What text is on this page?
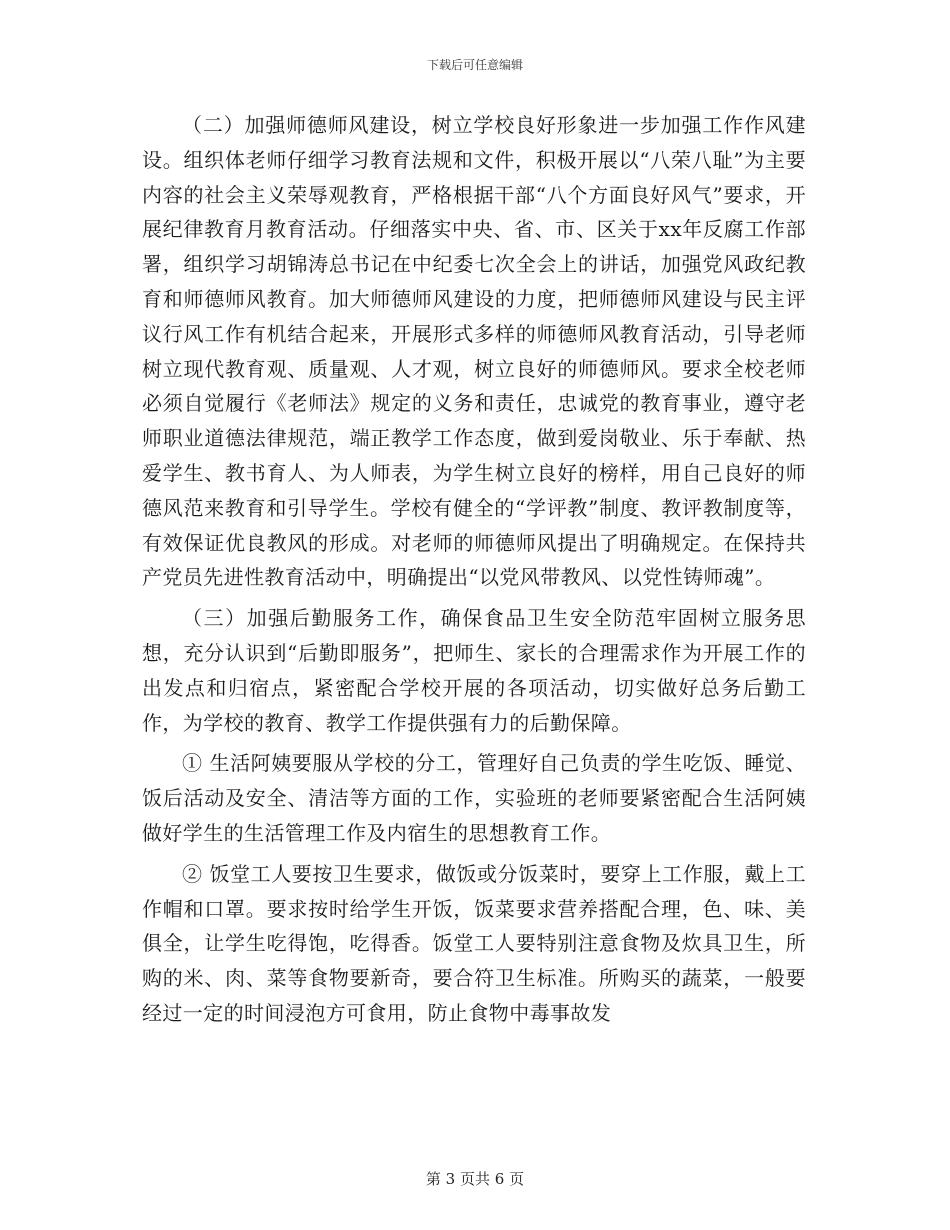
下载后可任意编辑

（二）加强师德师风建设，树立学校良好形象进一步加强工作作风建设。组织体老师仔细学习教育法规和文件，积极开展以“八荣八耻”为主要内容的社会主义荣辱观教育，严格根据干部“八个方面良好风气”要求，开展纪律教育月教育活动。仔细落实中央、省、市、区关于xx年反腐工作部署，组织学习胡锦涛总书记在中纪委七次全会上的讲话，加强党风政纪教育和师德师风教育。加大师德师风建设的力度，把师德师风建设与民主评议行风工作有机结合起来，开展形式多样的师德师风教育活动，引导老师树立现代教育观、质量观、人才观，树立良好的师德师风。要求全校老师必须自觉履行《老师法》规定的义务和责任，忠诚党的教育事业，遵守老师职业道德法律规范，端正教学工作态度，做到爱岗敬业、乐于奉献、热爱学生、教书育人、为人师表，为学生树立良好的榜样，用自己良好的师德风范来教育和引导学生。学校有健全的“学评教”制度、教评教制度等，有效保证优良教风的形成。对老师的师德师风提出了明确规定。在保持共产党员先进性教育活动中，明确提出“以党风带教风、以党性铸师魂”。

（三）加强后勤服务工作，确保食品卫生安全防范牢固树立服务思想，充分认识到“后勤即服务”，把师生、家长的合理需求作为开展工作的出发点和归宿点，紧密配合学校开展的各项活动，切实做好总务后勤工作，为学校的教育、教学工作提供强有力的后勤保障。

① 生活阿姨要服从学校的分工，管理好自己负责的学生吃饭、睡觉、饭后活动及安全、清洁等方面的工作，实验班的老师要紧密配合生活阿姨做好学生的生活管理工作及内宿生的思想教育工作。

② 饭堂工人要按卫生要求，做饭或分饭菜时，要穿上工作服，戴上工作帽和口罩。要求按时给学生开饭，饭菜要求营养搭配合理，色、味、美俱全，让学生吃得饱，吃得香。饭堂工人要特别注意食物及炊具卫生，所购的米、肉、菜等食物要新奇，要合符卫生标准。所购买的蔬菜，一般要经过一定的时间浸泡方可食用，防止食物中毒事故发

第 3 页共 6 页
